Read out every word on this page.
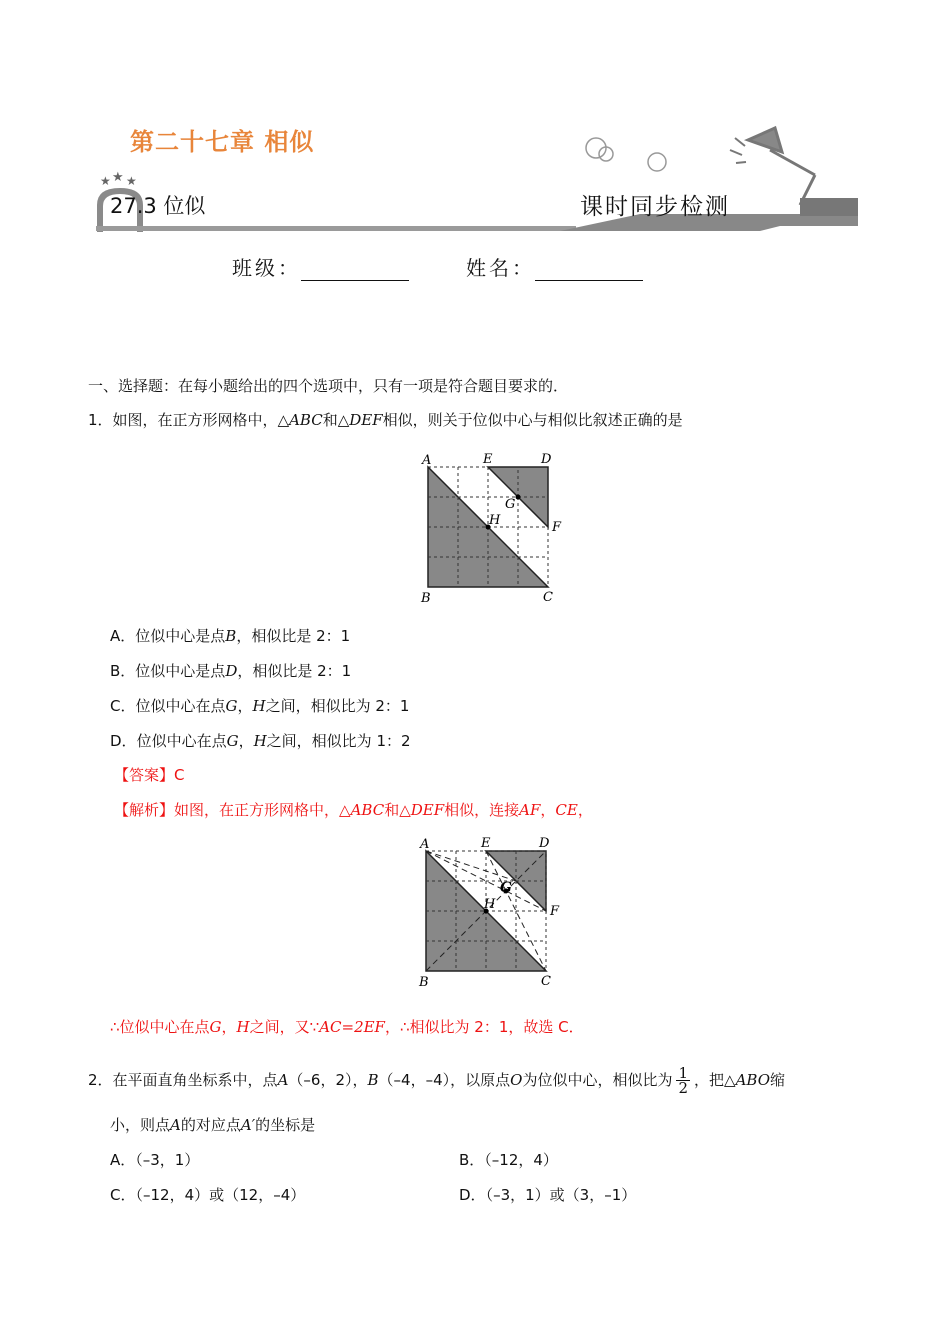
★ ★ ★
第二十七章 相似
27.3 位似	课时同步检测
班级：	姓名：
一、选择题：在每小题给出的四个选项中，只有一项是符合题目要求的．
1．如图，在正方形网格中，△ABC和△DEF相似，则关于位似中心与相似比叙述正确的是
A	E	D
G
H	F
B	C
A．位似中心是点B，相似比是 2：1
B．位似中心是点D，相似比是 2：1
C．位似中心在点G，H之间，相似比为 2：1
D．位似中心在点G，H之间，相似比为 1：2
【答案】C
【解析】如图，在正方形网格中，△ABC和△DEF相似，连接AF，CE，
A	E	D
G
H	F
B	C
∴位似中心在点G，H之间，又∵AC=2EF，∴相似比为 2：1，故选 C．
2．在平面直角坐标系中，点A（–6，2），B（–4，–4），以原点O为位似中心，相似比为 $\frac{1}{2}$ ，把△ABO缩
小，则点A的对应点A′的坐标是
A．（–3，1）	B．（–12，4）
C．（–12，4）或（12，–4）	D．（–3，1）或（3，–1）
